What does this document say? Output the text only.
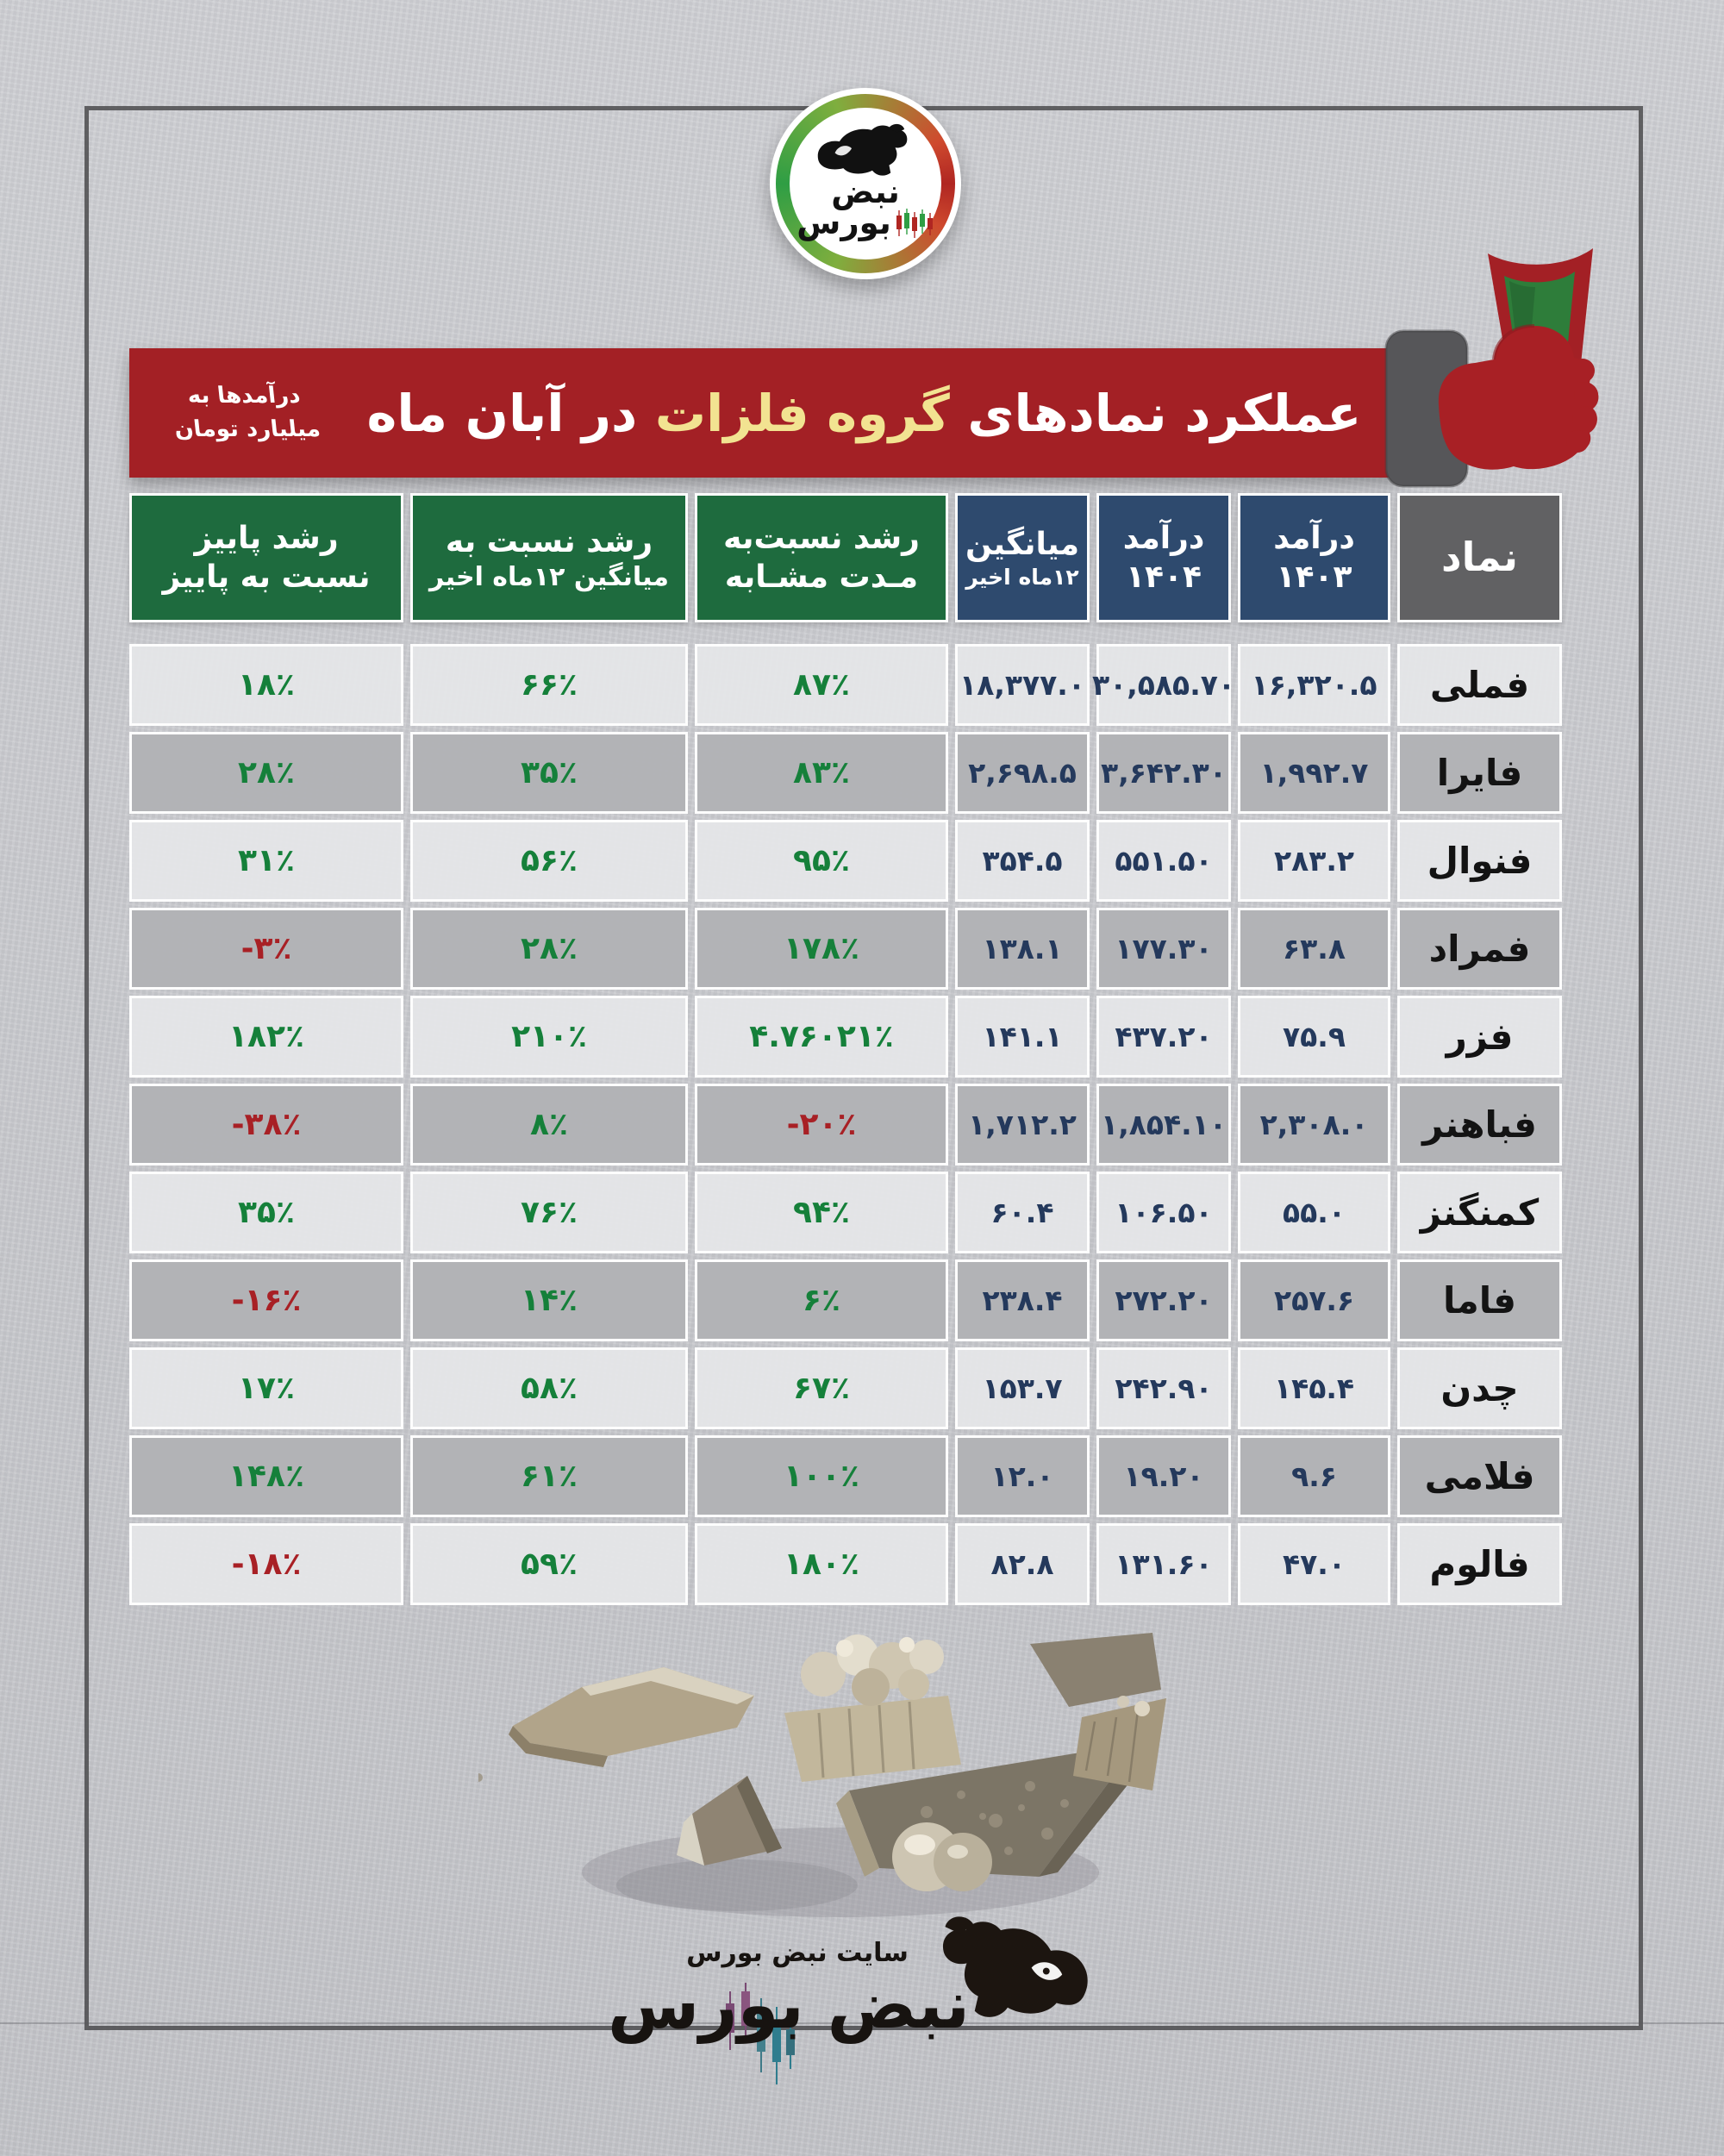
نبض
بورس
عملکرد نمادهای گروه فلزات در آبان ماه
درآمدها به
میلیارد تومان
نماد
درآمد
۱۴۰۳
درآمد
۱۴۰۴
میانگین
۱۲ماه اخیر
رشد نسبت‌به
مـدت مشـابه
رشد نسبت به
میانگین ۱۲ماه اخیر
رشد پاییز
نسبت به پاییز
فملی
۱۶,۳۲۰.۵
۳۰,۵۸۵.۷۰
۱۸,۳۷۷.۰
۸۷٪
۶۶٪
۱۸٪
فایرا
۱,۹۹۲.۷
۳,۶۴۲.۳۰
۲,۶۹۸.۵
۸۳٪
۳۵٪
۲۸٪
فنوال
۲۸۳.۲
۵۵۱.۵۰
۳۵۴.۵
۹۵٪
۵۶٪
۳۱٪
فمراد
۶۳.۸
۱۷۷.۳۰
۱۳۸.۱
۱۷۸٪
۲۸٪
-۳٪
فزر
۷۵.۹
۴۳۷.۲۰
۱۴۱.۱
۴.۷۶۰۲۱٪
۲۱۰٪
۱۸۲٪
فباهنر
۲,۳۰۸.۰
۱,۸۵۴.۱۰
۱,۷۱۲.۲
-۲۰٪
۸٪
-۳۸٪
کمنگنز
۵۵.۰
۱۰۶.۵۰
۶۰.۴
۹۴٪
۷۶٪
۳۵٪
فاما
۲۵۷.۶
۲۷۲.۲۰
۲۳۸.۴
۶٪
۱۴٪
-۱۶٪
چدن
۱۴۵.۴
۲۴۲.۹۰
۱۵۳.۷
۶۷٪
۵۸٪
۱۷٪
فلامی
۹.۶
۱۹.۲۰
۱۲.۰
۱۰۰٪
۶۱٪
۱۴۸٪
فالوم
۴۷.۰
۱۳۱.۶۰
۸۲.۸
۱۸۰٪
۵۹٪
-۱۸٪
سایت نبض بورس
نبض بورس
